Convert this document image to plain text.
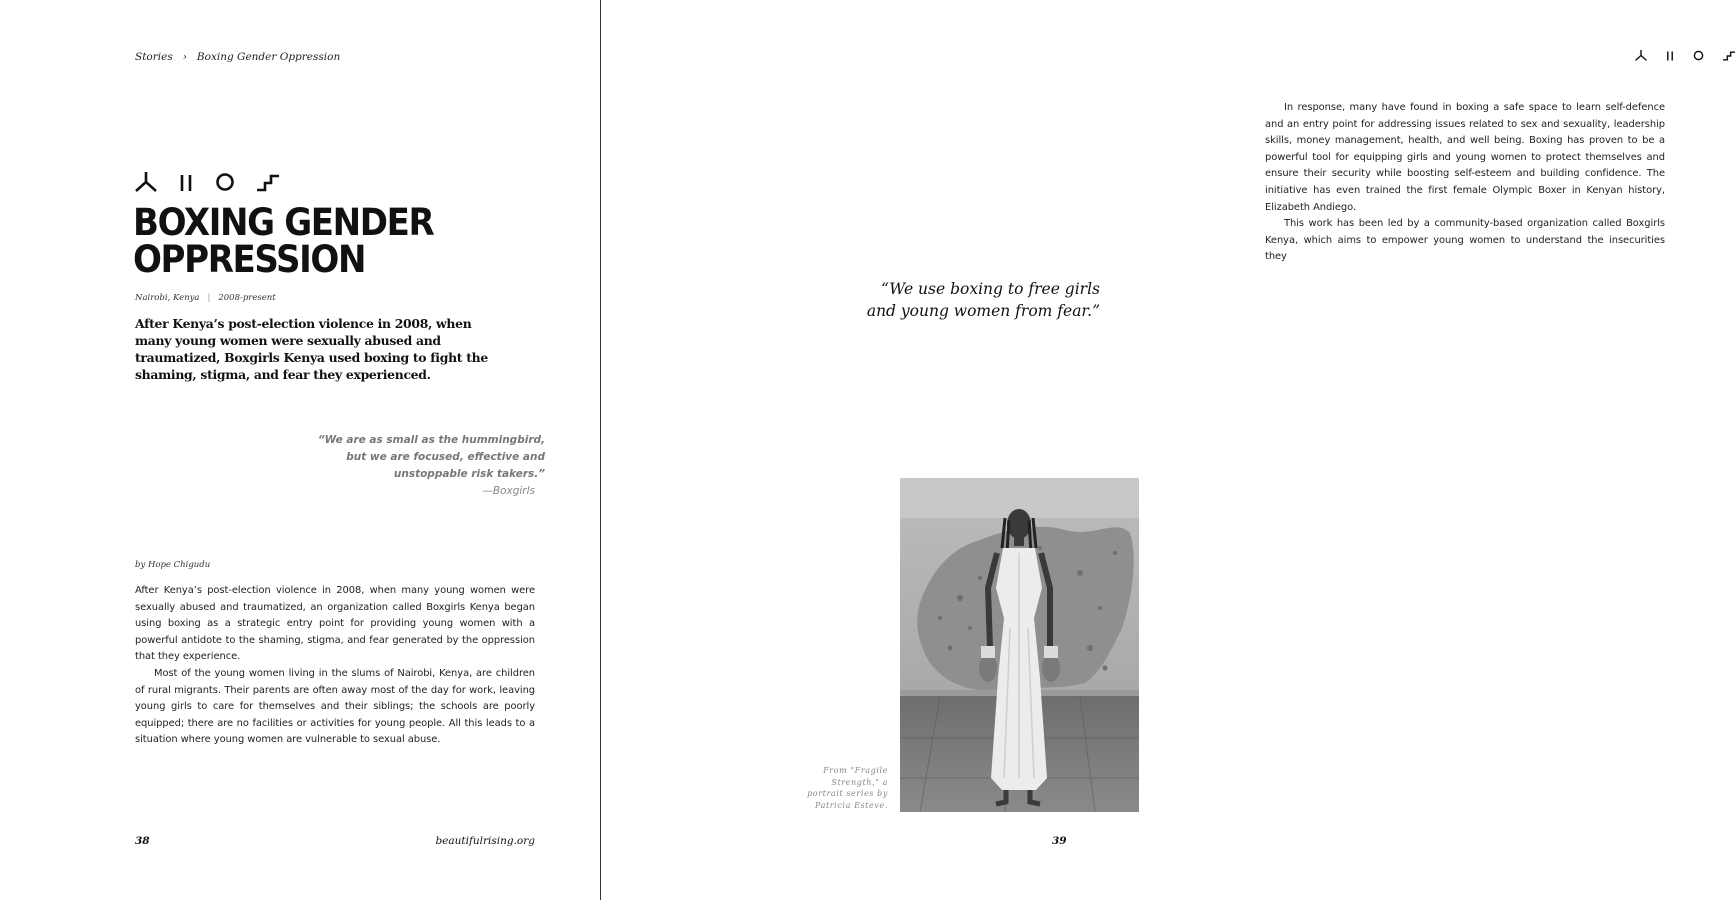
Stories › Boxing Gender Oppression
BOXING GENDER
OPPRESSION
Nairobi, Kenya | 2008-present

After Kenya’s post-election violence in 2008, when many young women were sexually abused and traumatized, Boxgirls Kenya used boxing to fight the shaming, stigma, and fear they experienced.

“We are as small as the hummingbird,
but we are focused, effective and
unstoppable risk takers.”
—Boxgirls
by Hope Chigudu

After Kenya’s post-election violence in 2008, when many young women were sexually abused and traumatized, an organization called Boxgirls Kenya began using boxing as a strategic entry point for providing young women with a powerful antidote to the shaming, stigma, and fear generated by the oppression that they experience.

Most of the young women living in the slums of Nairobi, Kenya, are children of rural migrants. Their parents are often away most of the day for work, leaving young girls to care for themselves and their siblings; the schools are poorly equipped; there are no facilities or activities for young people. All this leads to a situation where young women are vulnerable to sexual abuse.

38	beautifulrising.org

In response, many have found in boxing a safe space to learn self-defence and an entry point for addressing issues related to sex and sexuality, leadership skills, money management, health, and well being. Boxing has proven to be a powerful tool for equipping girls and young women to protect themselves and ensure their security while boosting self-esteem and building confidence. The initiative has even trained the first female Olympic Boxer in Kenyan history, Elizabeth Andiego.

This work has been led by a community-based organization called Boxgirls Kenya, which aims to empower young women to understand the insecurities they

“We use boxing to free girls
and young women from fear.”
From "Fragile
Strength," a
portrait series by
Patricia Esteve.
39
